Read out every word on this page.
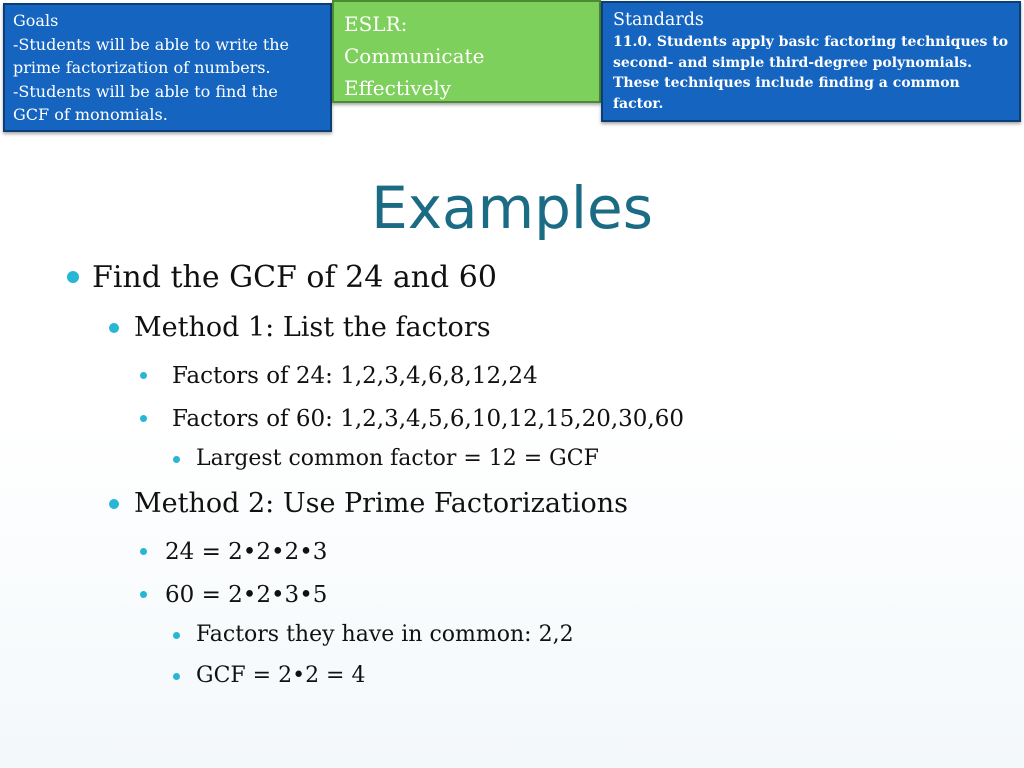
Goals
-Students will be able to write the
prime factorization of numbers.
-Students will be able to find the
GCF of monomials.
ESLR:
Communicate
Effectively
Standards
11.0. Students apply basic factoring techniques to
second- and simple third-degree polynomials.
These techniques include finding a common
factor.
Examples
Find the GCF of 24 and 60
Method 1: List the factors
Factors of 24: 1,2,3,4,6,8,12,24
Factors of 60: 1,2,3,4,5,6,10,12,15,20,30,60
Largest common factor = 12 = GCF
Method 2: Use Prime Factorizations
24 = 2•2•2•3
60 = 2•2•3•5
Factors they have in common: 2,2
GCF = 2•2 = 4
